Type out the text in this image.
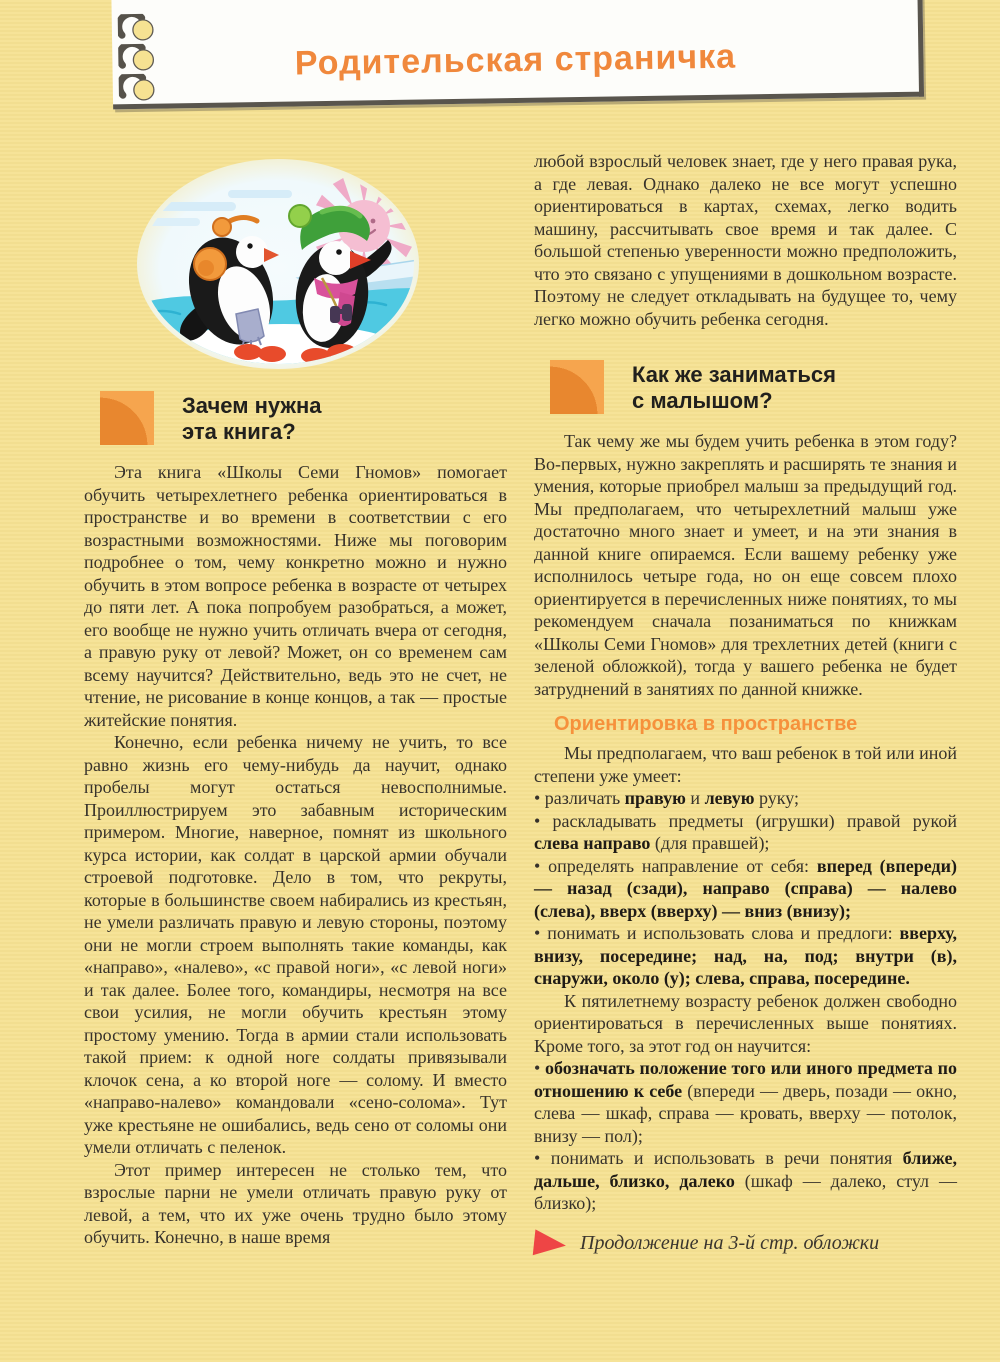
Родительская страничка
Зачем нужна
эта книга?

Эта книга «Школы Семи Гномов» помогает обучить четырехлетнего ребенка ориентироваться в пространстве и во времени в соответствии с его возрастными возможностями. Ниже мы поговорим подробнее о том, чему конкретно можно и нужно обучить в этом вопросе ребенка в возрасте от четырех до пяти лет. А пока попробуем разобраться, а может, его вообще не нужно учить отличать вчера от сегодня, а правую руку от левой? Может, он со временем сам всему научится? Действительно, ведь это не счет, не чтение, не рисование в конце концов, а так — простые житейские понятия.

Конечно, если ребенка ничему не учить, то все равно жизнь его чему-нибудь да научит, однако пробелы могут остаться невосполнимые. Проиллюстрируем это забавным историческим примером. Многие, наверное, помнят из школьного курса истории, как солдат в царской армии обучали строевой подготовке. Дело в том, что рекруты, которые в большинстве своем набирались из крестьян, не умели различать правую и левую стороны, поэтому они не могли строем выполнять такие команды, как «направо», «налево», «с правой ноги», «с левой ноги» и так далее. Более того, командиры, несмотря на все свои усилия, не могли обучить крестьян этому простому умению. Тогда в армии стали использовать такой прием: к одной ноге солдаты привязывали клочок сена, а ко второй ноге — солому. И вместо «направо-налево» командовали «сено-солома». Тут уже крестьяне не ошибались, ведь сено от соломы они умели отличать с пеленок.

Этот пример интересен не столько тем, что взрослые парни не умели отличать правую руку от левой, а тем, что их уже очень трудно было этому обучить. Конечно, в наше время

любой взрослый человек знает, где у него правая рука, а где левая. Однако далеко не все могут успешно ориентироваться в картах, схемах, легко водить машину, рассчитывать свое время и так далее. С большой степенью уверенности можно предположить, что это связано с упущениями в дошкольном возрасте. Поэтому не следует откладывать на будущее то, чему легко можно обучить ребенка сегодня.

Как же заниматься
с малышом?

Так чему же мы будем учить ребенка в этом году? Во-первых, нужно закреплять и расширять те знания и умения, которые приобрел малыш за предыдущий год. Мы предполагаем, что четырехлетний малыш уже достаточно много знает и умеет, и на эти знания в данной книге опираемся. Если вашему ребенку уже исполнилось четыре года, но он еще совсем плохо ориентируется в перечисленных ниже понятиях, то мы рекомендуем сначала позаниматься по книжкам «Школы Семи Гномов» для трехлетних детей (книги с зеленой обложкой), тогда у вашего ребенка не будет затруднений в занятиях по данной книжке.

Ориентировка в пространстве

Мы предполагаем, что ваш ребенок в той или иной степени уже умеет:

• различать правую и левую руку;

• раскладывать предметы (игрушки) правой рукой слева направо (для правшей);

• определять направление от себя: вперед (впереди) — назад (сзади), направо (справа) — налево (слева), вверх (вверху) — вниз (внизу);

• понимать и использовать слова и предлоги: вверху, внизу, посередине; над, на, под; внутри (в), снаружи, около (у); слева, справа, посередине.

К пятилетнему возрасту ребенок должен свободно ориентироваться в перечисленных выше понятиях. Кроме того, за этот год он научится:

• обозначать положение того или иного предмета по отношению к себе (впереди — дверь, позади — окно, слева — шкаф, справа — кровать, вверху — потолок, внизу — пол);

• понимать и использовать в речи понятия ближе, дальше, близко, далеко (шкаф — далеко, стул — близко);

Продолжение на 3-й стр. обложки
